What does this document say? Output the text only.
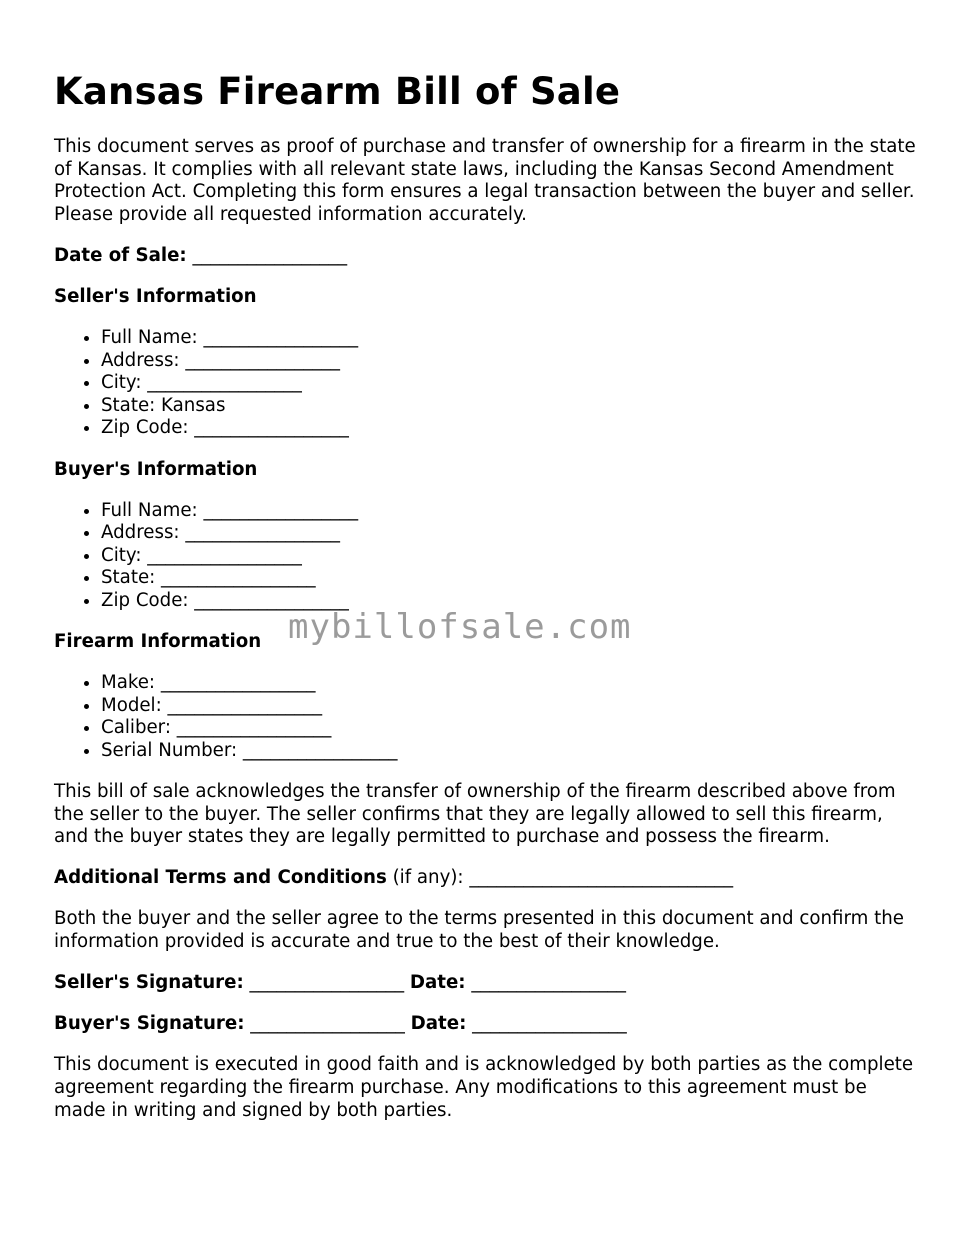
Kansas Firearm Bill of Sale

This document serves as proof of purchase and transfer of ownership for a firearm in the state of Kansas. It complies with all relevant state laws, including the Kansas Second Amendment Protection Act. Completing this form ensures a legal transaction between the buyer and seller. Please provide all requested information accurately.

Date of Sale: _________________

Seller's Information
• Full Name: _________________
• Address: _________________
• City: _________________
• State: Kansas
• Zip Code: _________________
Buyer's Information
• Full Name: _________________
• Address: _________________
• City: _________________
• State: _________________
• Zip Code: _________________
Firearm Information
• Make: _________________
• Model: _________________
• Caliber: _________________
• Serial Number: _________________

This bill of sale acknowledges the transfer of ownership of the firearm described above from the seller to the buyer. The seller confirms that they are legally allowed to sell this firearm, and the buyer states they are legally permitted to purchase and possess the firearm.

Additional Terms and Conditions (if any): _____________________________

Both the buyer and the seller agree to the terms presented in this document and confirm the information provided is accurate and true to the best of their knowledge.

Seller's Signature: _________________ Date: _________________

Buyer's Signature: _________________ Date: _________________

This document is executed in good faith and is acknowledged by both parties as the complete agreement regarding the firearm purchase. Any modifications to this agreement must be made in writing and signed by both parties.

mybillofsale.com
